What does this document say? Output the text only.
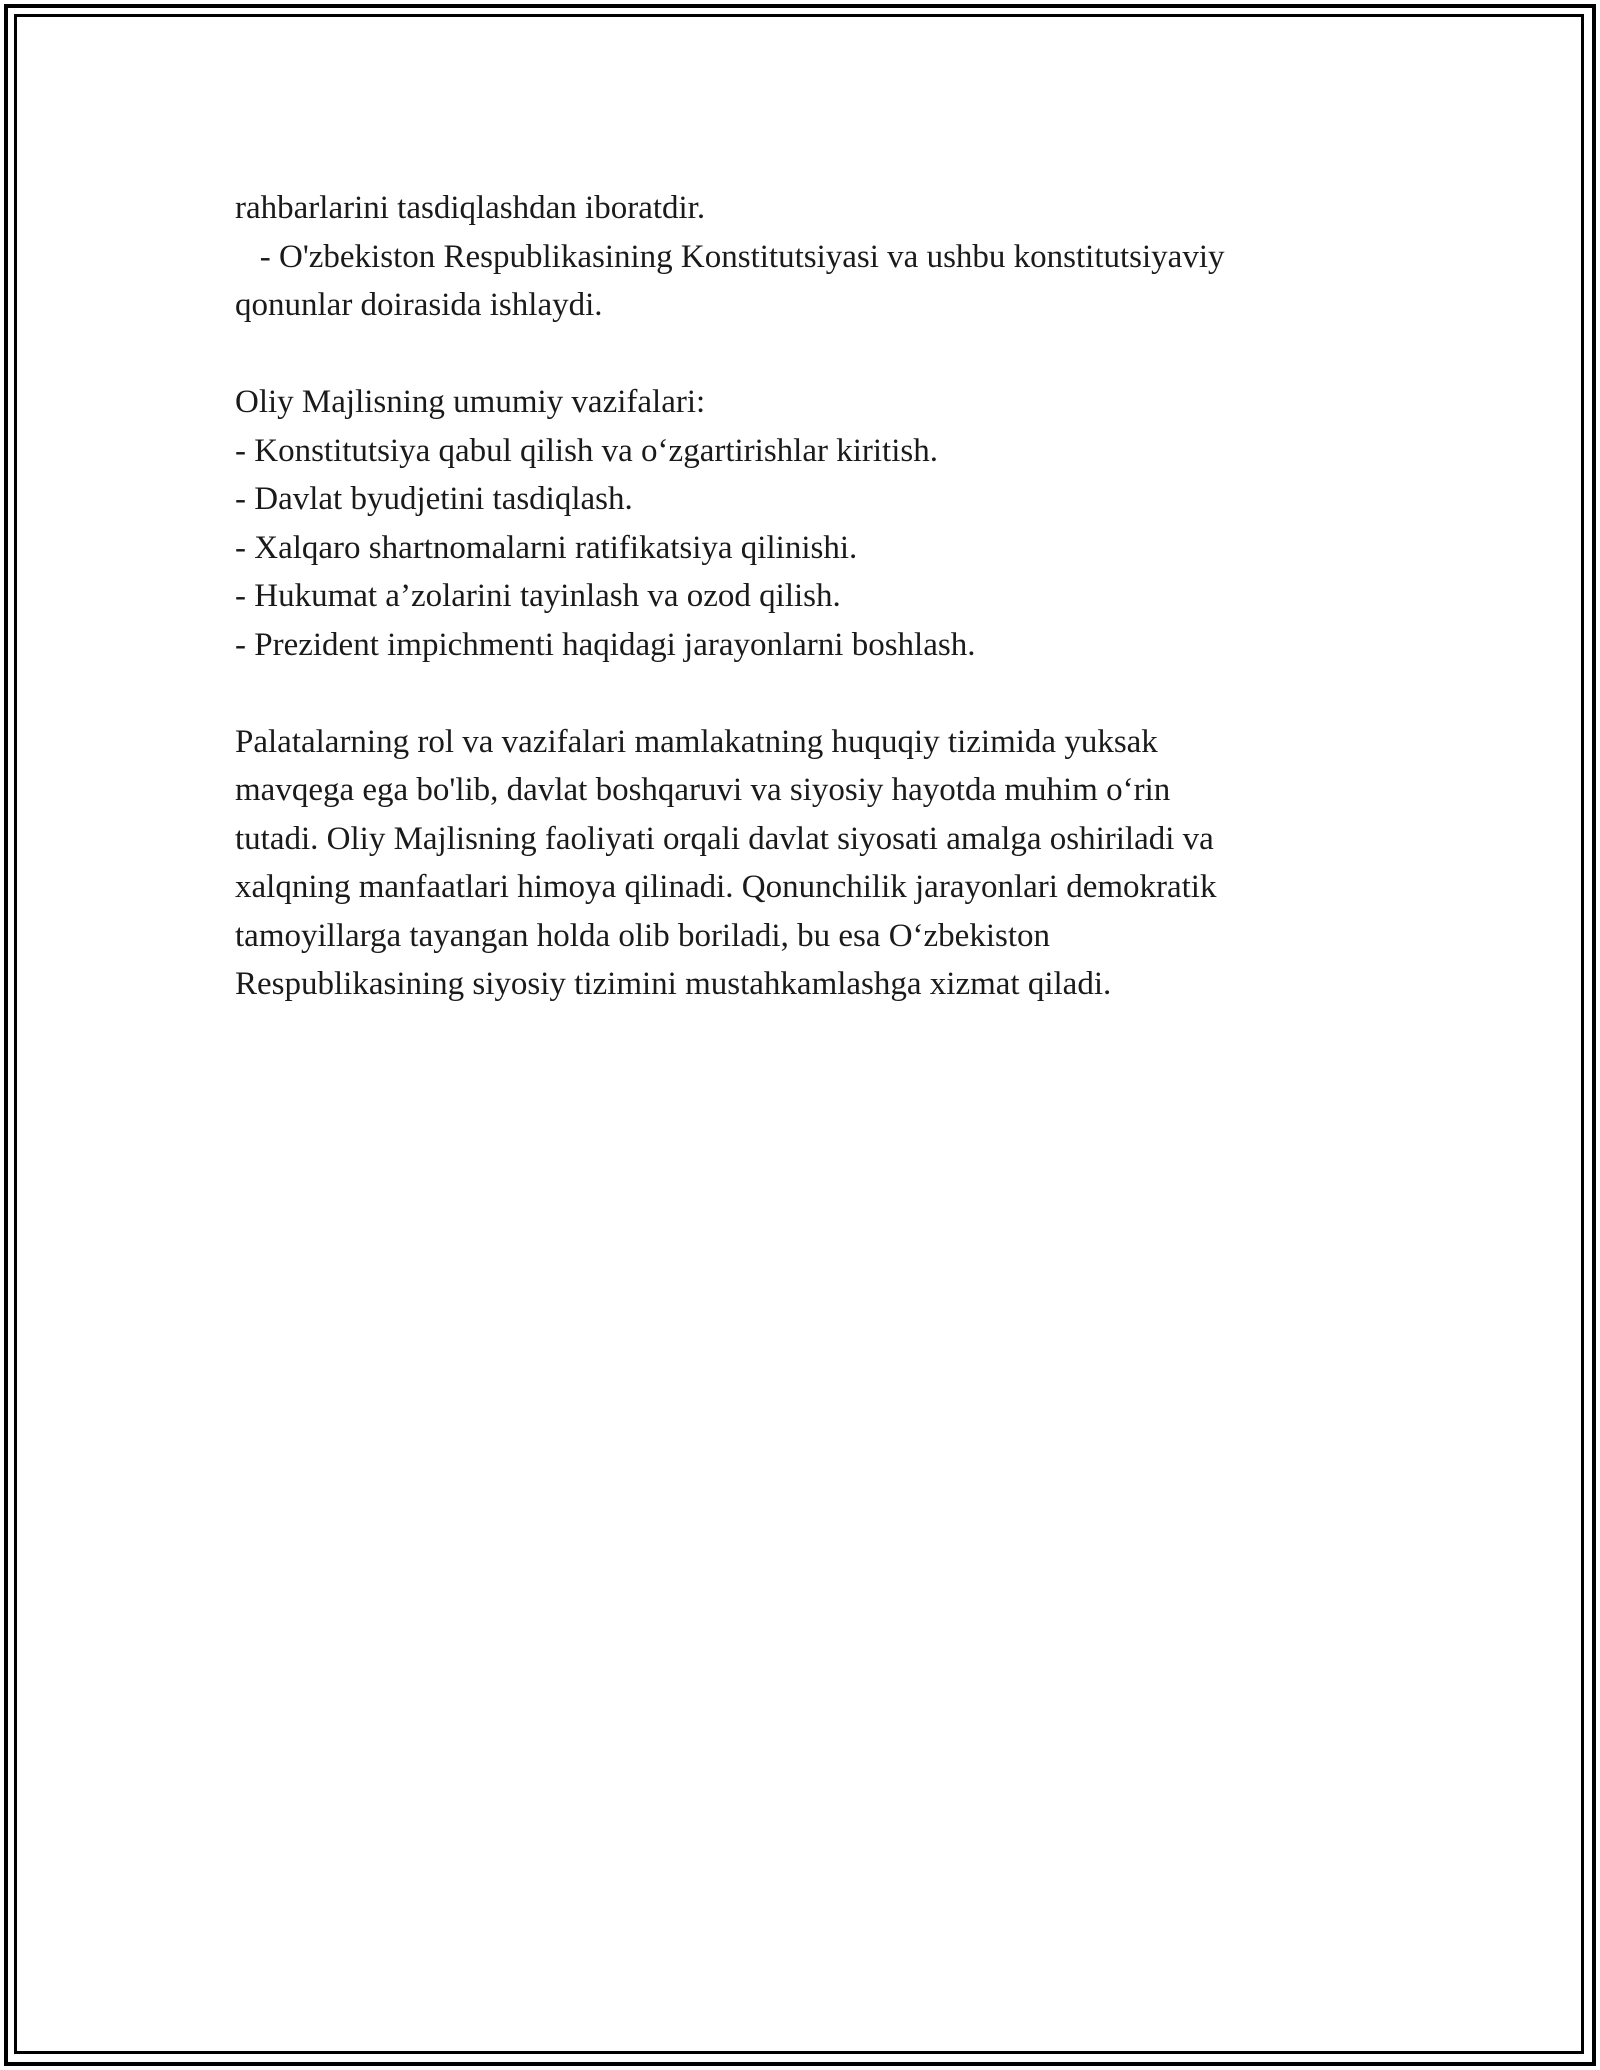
rahbarlarini tasdiqlashdan iboratdir.

- O'zbekiston Respublikasining Konstitutsiyasi va ushbu konstitutsiyaviy

qonunlar doirasida ishlaydi.

Oliy Majlisning umumiy vazifalari:

- Konstitutsiya qabul qilish va o‘zgartirishlar kiritish.

- Davlat byudjetini tasdiqlash.

- Xalqaro shartnomalarni ratifikatsiya qilinishi.

- Hukumat a’zolarini tayinlash va ozod qilish.

- Prezident impichmenti haqidagi jarayonlarni boshlash.

Palatalarning rol va vazifalari mamlakatning huquqiy tizimida yuksak

mavqega ega bo'lib, davlat boshqaruvi va siyosiy hayotda muhim o‘rin

tutadi. Oliy Majlisning faoliyati orqali davlat siyosati amalga oshiriladi va

xalqning manfaatlari himoya qilinadi. Qonunchilik jarayonlari demokratik

tamoyillarga tayangan holda olib boriladi, bu esa O‘zbekiston

Respublikasining siyosiy tizimini mustahkamlashga xizmat qiladi.
